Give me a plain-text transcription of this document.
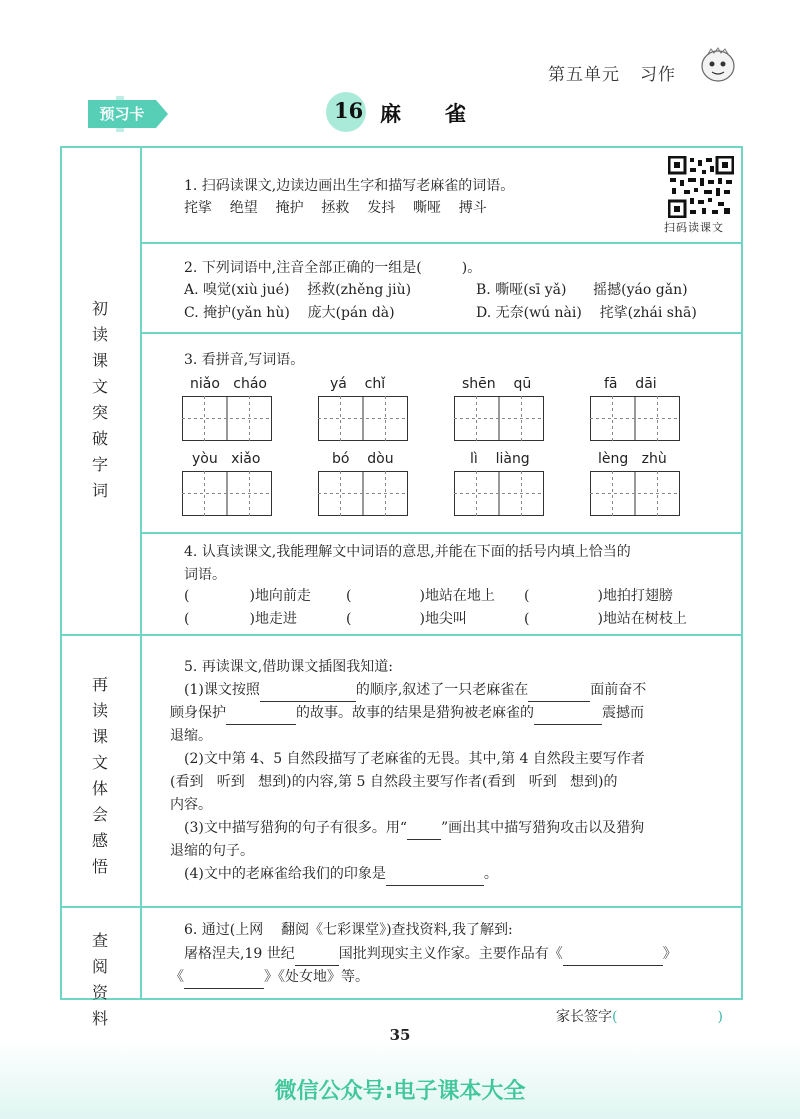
第五单元 习作
预习卡	16 麻雀
初读课文 突破字词
再读课文 体会感悟
查阅资料
扫码读课文
1. 扫码读课文,边读边画出生字和描写老麻雀的词语。
挓挲    绝望    掩护    拯救    发抖    嘶哑    搏斗
2. 下列词语中,注音全部正确的一组是(         )。
A. 嗅觉(xiù jué)    拯救(zhěng jiù)	B. 嘶哑(sī yǎ)      摇撼(yáo gǎn)
C. 掩护(yǎn hù)    庞大(pán dà)	D. 无奈(wú nài)    挓挲(zhái shā)
3. 看拼音,写词语。
niǎo   cháo	yá    chǐ	shēn    qū	fā    dāi
yòu   xiǎo	bó    dòu	lì    liàng	lèng   zhù
4. 认真读课文,我能理解文中词语的意思,并能在下面的括号内填上恰当的
词语。
(	)地向前走	(	)地站在地上 (	)地拍打翅膀
(	)地走进	(	)地尖叫	(	)地站在树枝上
5. 再读课文,借助课文插图我知道:
(1)课文按照	的顺序,叙述了一只老麻雀在	面前奋不
顾身保护	的故事。故事的结果是猎狗被老麻雀的	震撼而
退缩。
(2)文中第 4、5 自然段描写了老麻雀的无畏。其中,第 4 自然段主要写作者
(看到   听到   想到)的内容,第 5 自然段主要写作者(看到   听到   想到)的
内容。
(3)文中描写猎狗的句子有很多。用“ ”画出其中描写猎狗攻击以及猎狗
退缩的句子。
(4)文中的老麻雀给我们的印象是	。
6. 通过(上网    翻阅《七彩课堂》)查找资料,我了解到:
屠格涅夫,19 世纪	国批判现实主义作家。主要作品有《	》
《	》《处女地》等。
家长签字(	)
35
微信公众号:电子课本大全
